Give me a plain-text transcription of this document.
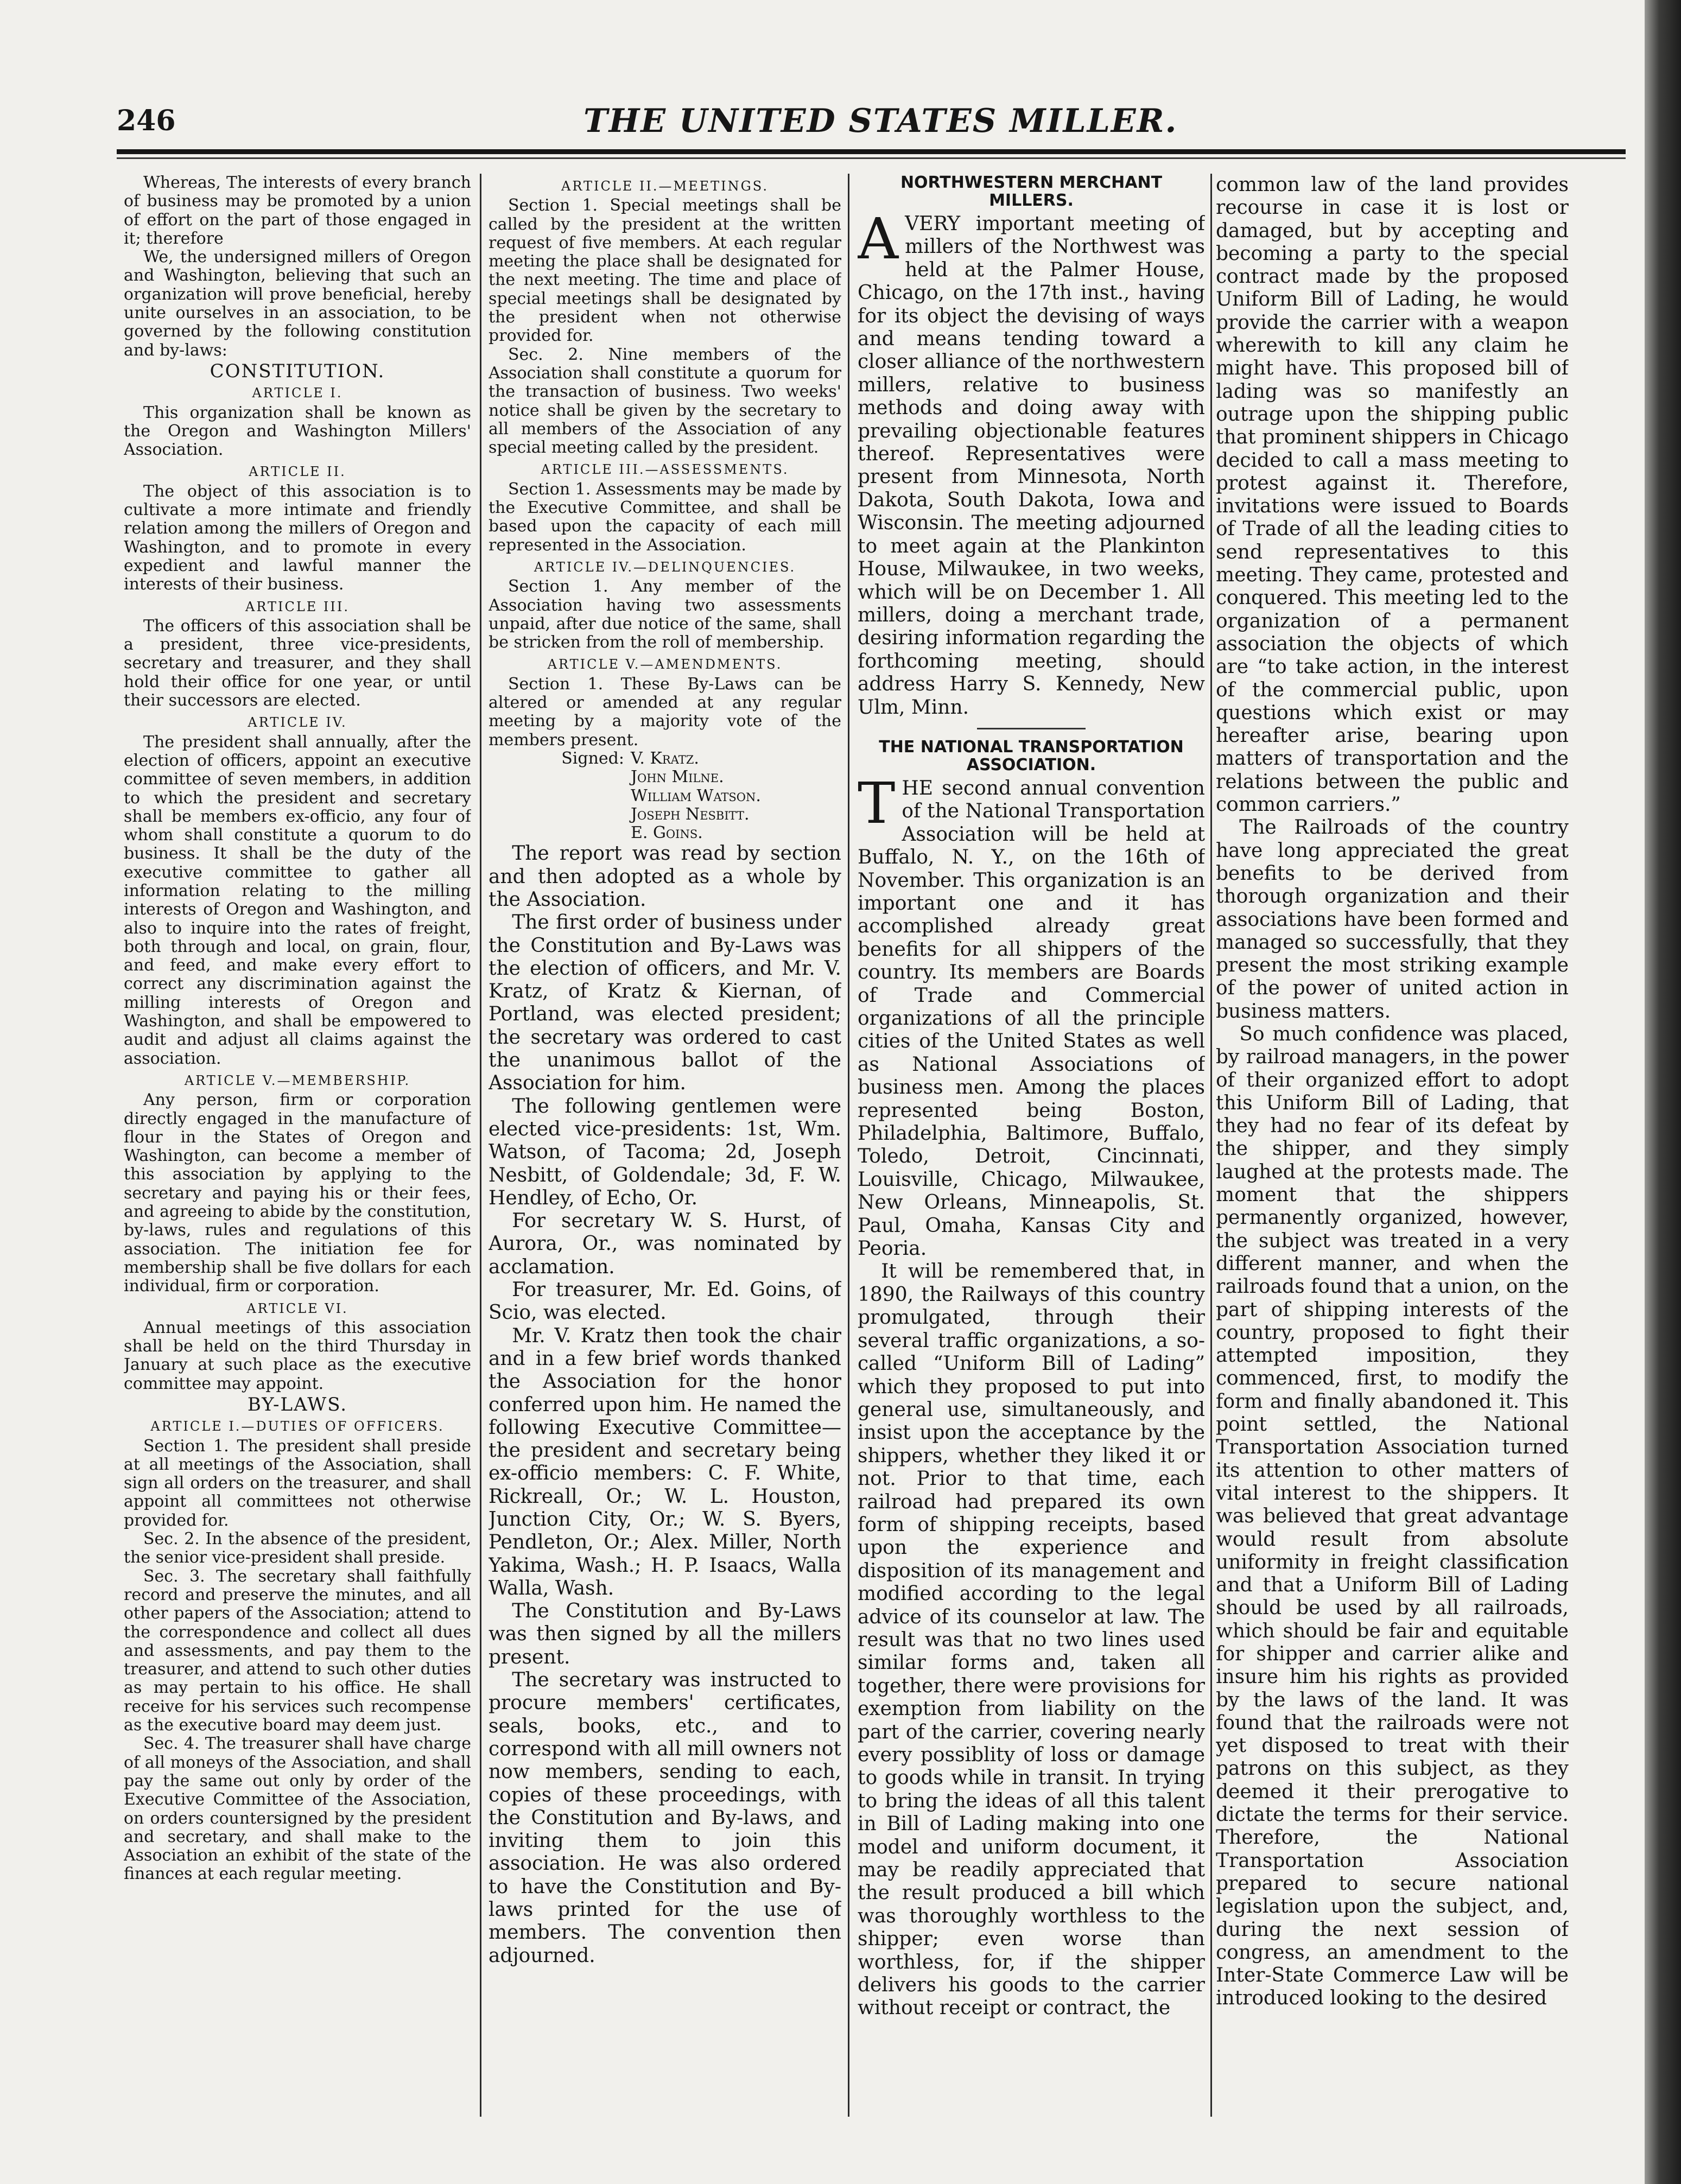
246	THE UNITED STATES MILLER.

Whereas, The interests of every branch of business may be promoted by a union of effort on the part of those engaged in it; therefore

We, the undersigned millers of Oregon and Washington, believing that such an organization will prove beneficial, hereby unite ourselves in an association, to be governed by the following constitution and by-laws:

CONSTITUTION.
ARTICLE I.

This organization shall be known as the Oregon and Washington Millers' Association.

ARTICLE II.

The object of this association is to cultivate a more intimate and friendly relation among the millers of Oregon and Washington, and to promote in every expedient and lawful manner the interests of their business.

ARTICLE III.

The officers of this association shall be a president, three vice-presidents, secretary and treasurer, and they shall hold their office for one year, or until their successors are elected.

ARTICLE IV.

The president shall annually, after the election of officers, appoint an executive committee of seven members, in addition to which the president and secretary shall be members ex-officio, any four of whom shall constitute a quorum to do business. It shall be the duty of the executive committee to gather all information relating to the milling interests of Oregon and Washington, and also to inquire into the rates of freight, both through and local, on grain, flour, and feed, and make every effort to correct any discrimination against the milling interests of Oregon and Washington, and shall be empowered to audit and adjust all claims against the association.

ARTICLE V.—MEMBERSHIP.

Any person, firm or corporation directly engaged in the manufacture of flour in the States of Oregon and Washington, can become a member of this association by applying to the secretary and paying his or their fees, and agreeing to abide by the constitution, by-laws, rules and regulations of this association. The initiation fee for membership shall be five dollars for each individual, firm or corporation.

ARTICLE VI.

Annual meetings of this association shall be held on the third Thursday in January at such place as the executive committee may appoint.

BY-LAWS.
ARTICLE I.—DUTIES OF OFFICERS.

Section 1. The president shall preside at all meetings of the Association, shall sign all orders on the treasurer, and shall appoint all committees not otherwise provided for.

Sec. 2. In the absence of the president, the senior vice-president shall preside.

Sec. 3. The secretary shall faithfully record and preserve the minutes, and all other papers of the Association; attend to the correspondence and collect all dues and assessments, and pay them to the treasurer, and attend to such other duties as may pertain to his office. He shall receive for his services such recompense as the executive board may deem just.

Sec. 4. The treasurer shall have charge of all moneys of the Association, and shall pay the same out only by order of the Executive Committee of the Association, on orders countersigned by the president and secretary, and shall make to the Association an exhibit of the state of the finances at each regular meeting.

ARTICLE II.—MEETINGS.

Section 1. Special meetings shall be called by the president at the written request of five members. At each regular meeting the place shall be designated for the next meeting. The time and place of special meetings shall be designated by the president when not otherwise provided for.

Sec. 2. Nine members of the Association shall constitute a quorum for the transaction of business. Two weeks' notice shall be given by the secretary to all members of the Association of any special meeting called by the president.

ARTICLE III.—ASSESSMENTS.

Section 1. Assessments may be made by the Executive Committee, and shall be based upon the capacity of each mill represented in the Association.

ARTICLE IV.—DELINQUENCIES.

Section 1. Any member of the Association having two assessments unpaid, after due notice of the same, shall be stricken from the roll of membership.

ARTICLE V.—AMENDMENTS.

Section 1. These By-Laws can be altered or amended at any regular meeting by a majority vote of the members present.

Signed: V. Kratz.
John Milne.
William Watson.
Joseph Nesbitt.
E. Goins.

The report was read by section and then adopted as a whole by the Association.

The first order of business under the Constitution and By-Laws was the election of officers, and Mr. V. Kratz, of Kratz & Kiernan, of Portland, was elected president; the secretary was ordered to cast the unanimous ballot of the Association for him.

The following gentlemen were elected vice-presidents: 1st, Wm. Watson, of Tacoma; 2d, Joseph Nesbitt, of Goldendale; 3d, F. W. Hendley, of Echo, Or.

For secretary W. S. Hurst, of Aurora, Or., was nominated by acclamation.

For treasurer, Mr. Ed. Goins, of Scio, was elected.

Mr. V. Kratz then took the chair and in a few brief words thanked the Association for the honor conferred upon him. He named the following Executive Committee—the president and secretary being ex-officio members: C. F. White, Rickreall, Or.; W. L. Houston, Junction City, Or.; W. S. Byers, Pendleton, Or.; Alex. Miller, North Yakima, Wash.; H. P. Isaacs, Walla Walla, Wash.

The Constitution and By-Laws was then signed by all the millers present.

The secretary was instructed to procure members' certificates, seals, books, etc., and to correspond with all mill owners not now members, sending to each, copies of these proceedings, with the Constitution and By-laws, and inviting them to join this association. He was also ordered to have the Constitution and By-laws printed for the use of members. The convention then adjourned.

NORTHWESTERN MERCHANT MILLERS.

AVERY important meeting of millers of the Northwest was held at the Palmer House, Chicago, on the 17th inst., having for its object the devising of ways and means tending toward a closer alliance of the northwestern millers, relative to business methods and doing away with prevailing objectionable features thereof. Representatives were present from Minnesota, North Dakota, South Dakota, Iowa and Wisconsin. The meeting adjourned to meet again at the Plankinton House, Milwaukee, in two weeks, which will be on December 1. All millers, doing a merchant trade, desiring information regarding the forthcoming meeting, should address Harry S. Kennedy, New Ulm, Minn.

THE NATIONAL TRANSPORTATION ASSOCIATION.

THE second annual convention of the National Transportation Association will be held at Buffalo, N. Y., on the 16th of November. This organization is an important one and it has accomplished already great benefits for all shippers of the country. Its members are Boards of Trade and Commercial organizations of all the principle cities of the United States as well as National Associations of business men. Among the places represented being Boston, Philadelphia, Baltimore, Buffalo, Toledo, Detroit, Cincinnati, Louisville, Chicago, Milwaukee, New Orleans, Minneapolis, St. Paul, Omaha, Kansas City and Peoria.

It will be remembered that, in 1890, the Railways of this country promulgated, through their several traffic organizations, a so-called “Uniform Bill of Lading” which they proposed to put into general use, simultaneously, and insist upon the acceptance by the shippers, whether they liked it or not. Prior to that time, each railroad had prepared its own form of shipping receipts, based upon the experience and disposition of its management and modified according to the legal advice of its counselor at law. The result was that no two lines used similar forms and, taken all together, there were provisions for exemption from liability on the part of the carrier, covering nearly every possiblity of loss or damage to goods while in transit. In trying to bring the ideas of all this talent in Bill of Lading making into one model and uniform document, it may be readily appreciated that the result produced a bill which was thoroughly worthless to the shipper; even worse than worthless, for, if the shipper delivers his goods to the carrier without receipt or contract, the

common law of the land provides recourse in case it is lost or damaged, but by accepting and becoming a party to the special contract made by the proposed Uniform Bill of Lading, he would provide the carrier with a weapon wherewith to kill any claim he might have. This proposed bill of lading was so manifestly an outrage upon the shipping public that prominent shippers in Chicago decided to call a mass meeting to protest against it. Therefore, invitations were issued to Boards of Trade of all the leading cities to send representatives to this meeting. They came, protested and conquered. This meeting led to the organization of a permanent association the objects of which are “to take action, in the interest of the commercial public, upon questions which exist or may hereafter arise, bearing upon matters of transportation and the relations between the public and common carriers.”

The Railroads of the country have long appreciated the great benefits to be derived from thorough organization and their associations have been formed and managed so successfully, that they present the most striking example of the power of united action in business matters.

So much confidence was placed, by railroad managers, in the power of their organized effort to adopt this Uniform Bill of Lading, that they had no fear of its defeat by the shipper, and they simply laughed at the protests made. The moment that the shippers permanently organized, however, the subject was treated in a very different manner, and when the railroads found that a union, on the part of shipping interests of the country, proposed to fight their attempted imposition, they commenced, first, to modify the form and finally abandoned it. This point settled, the National Transportation Association turned its attention to other matters of vital interest to the shippers. It was believed that great advantage would result from absolute uniformity in freight classification and that a Uniform Bill of Lading should be used by all railroads, which should be fair and equitable for shipper and carrier alike and insure him his rights as provided by the laws of the land. It was found that the railroads were not yet disposed to treat with their patrons on this subject, as they deemed it their prerogative to dictate the terms for their service. Therefore, the National Transportation Association prepared to secure national legislation upon the subject, and, during the next session of congress, an amendment to the Inter-State Commerce Law will be introduced looking to the desired
